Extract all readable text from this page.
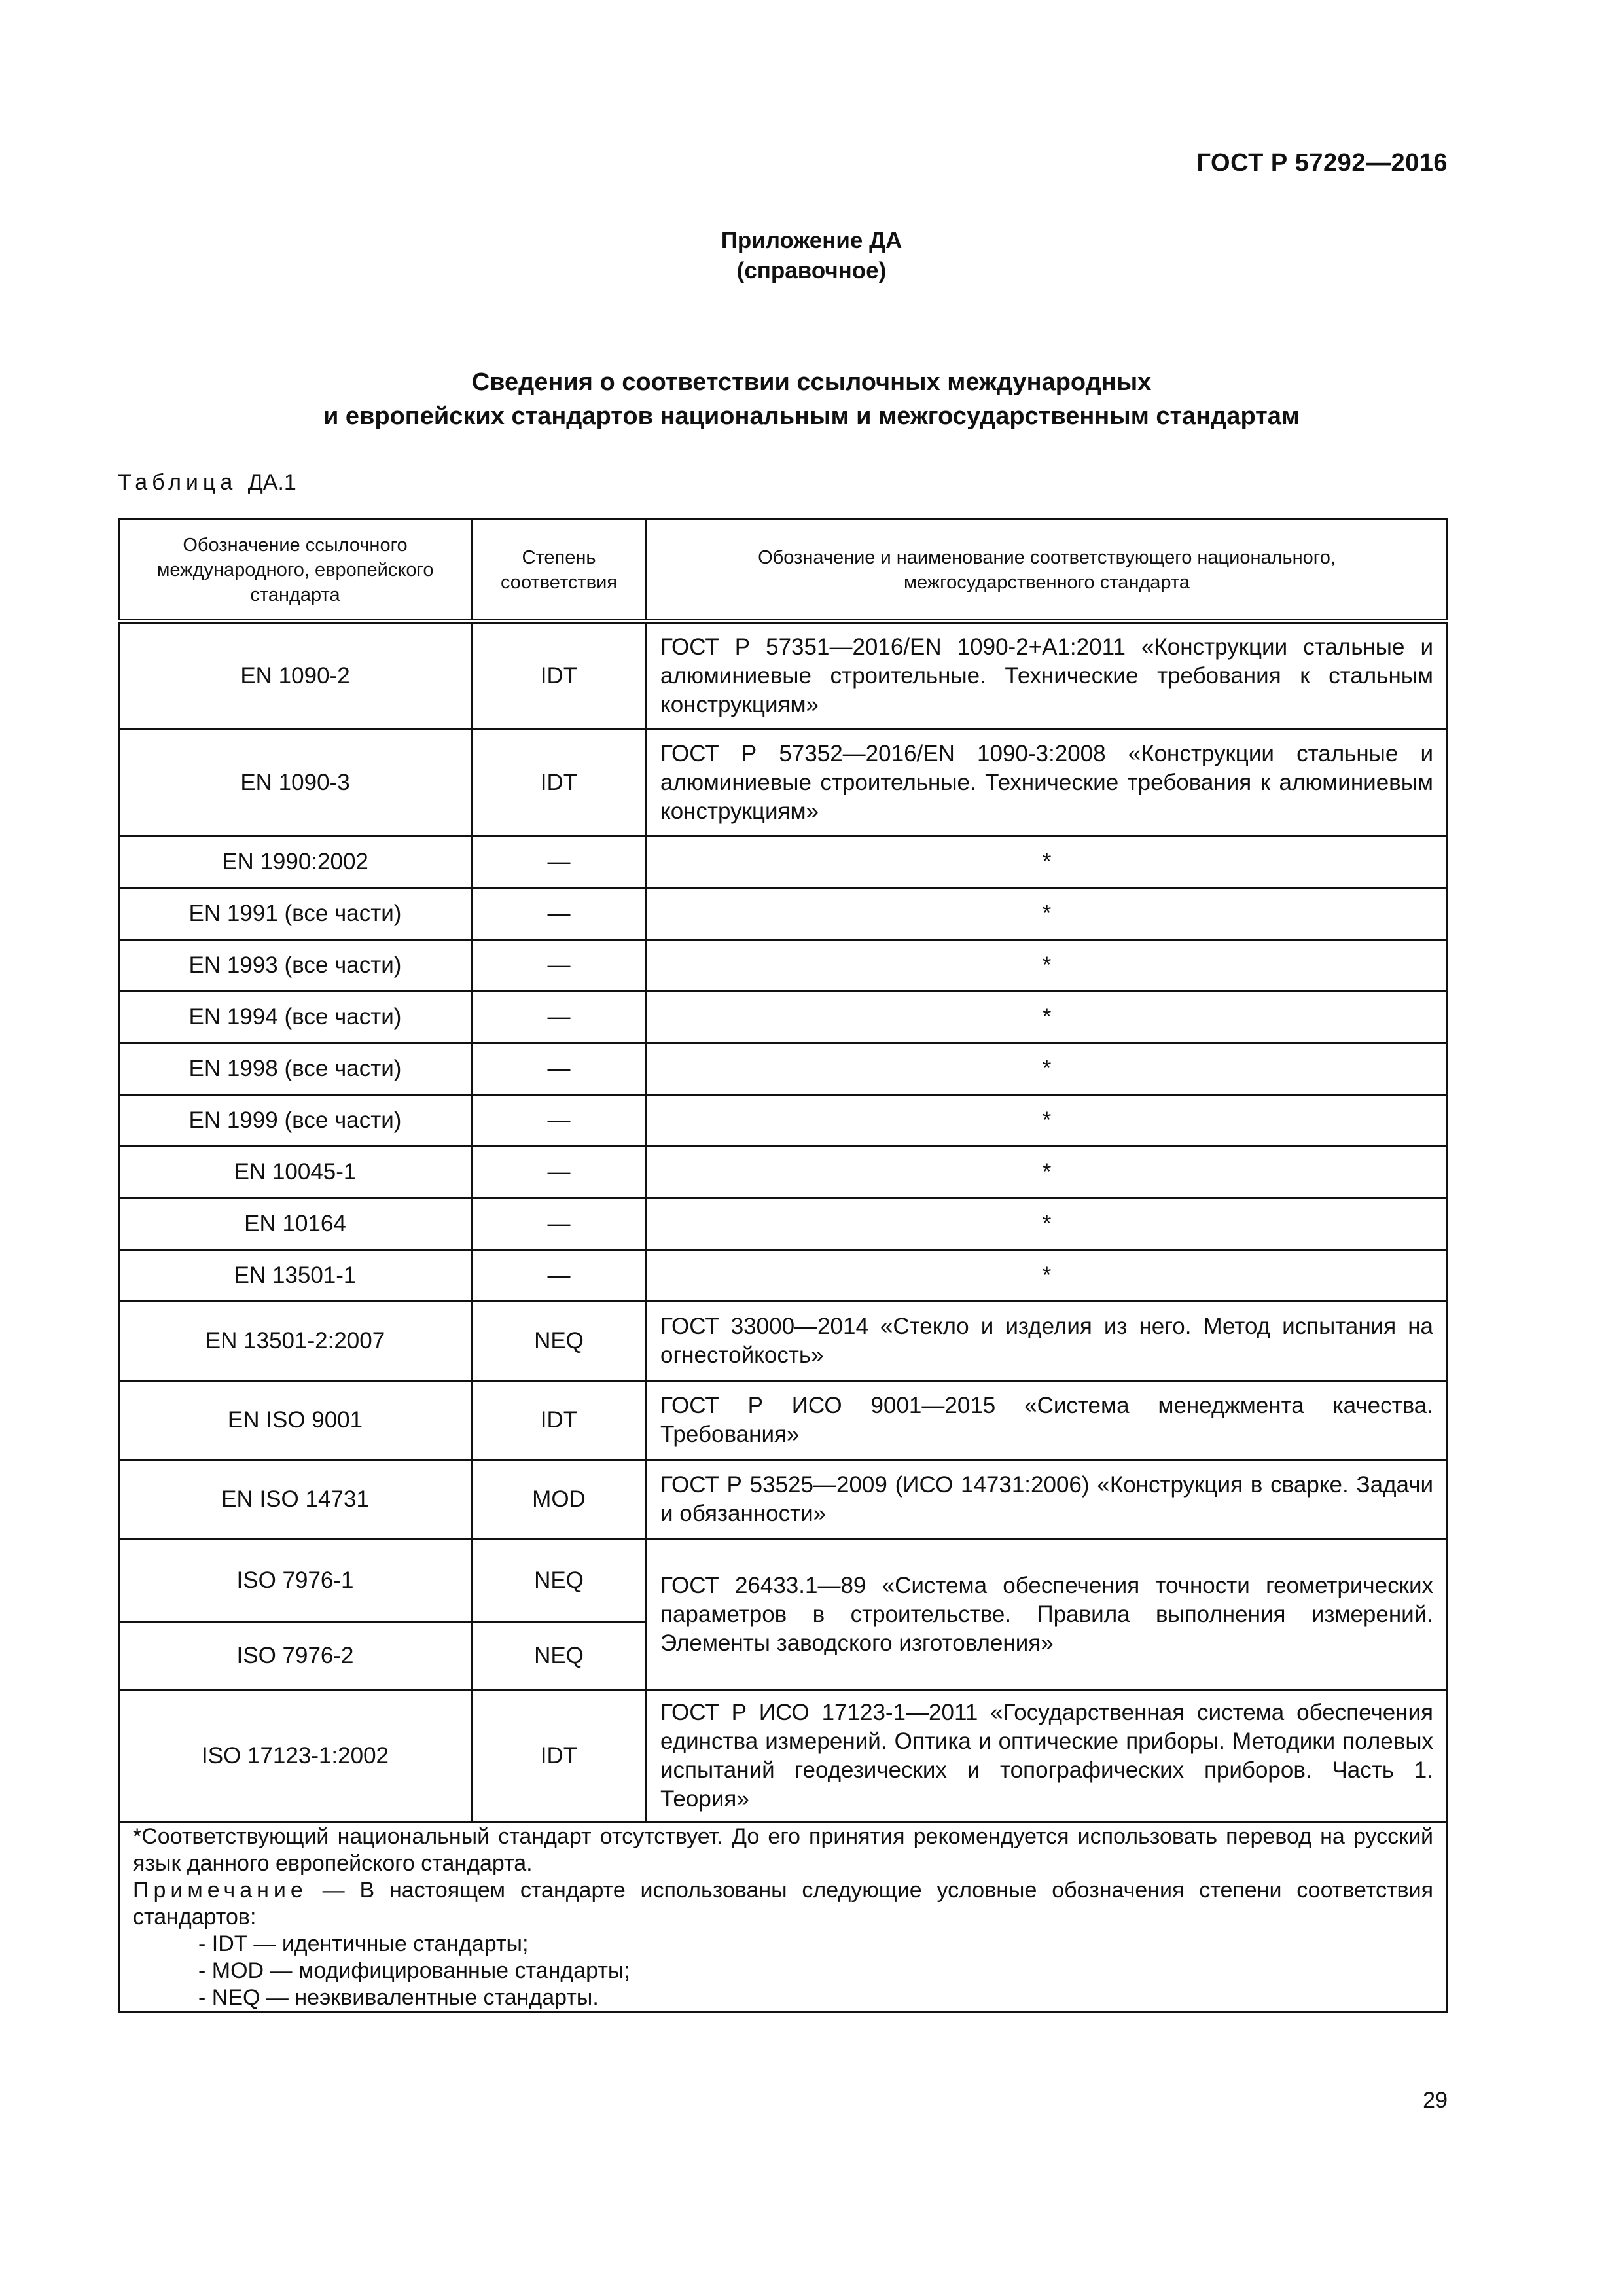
ГОСТ Р 57292—2016
Приложение ДА
(справочное)
Сведения о соответствии ссылочных международных
и европейских стандартов национальным и межгосударственным стандартам
Таблица ДА.1
Обозначение ссылочного международного, европейского стандарта	Степень соответствия	Обозначение и наименование соответствующего национального, межгосударственного стандарта
EN 1090-2	IDT	ГОСТ Р 57351—2016/EN 1090-2+A1:2011 «Конструкции стальные и алюминиевые строительные. Технические требования к стальным конструкциям»
EN 1090-3	IDT	ГОСТ Р 57352—2016/EN 1090-3:2008 «Конструкции стальные и алюминиевые строительные. Технические требования к алюминиевым конструкциям»
EN 1990:2002	—	*
EN 1991 (все части)	—	*
EN 1993 (все части)	—	*
EN 1994 (все части)	—	*
EN 1998 (все части)	—	*
EN 1999 (все части)	—	*
EN 10045-1	—	*
EN 10164	—	*
EN 13501-1	—	*
EN 13501-2:2007	NEQ	ГОСТ 33000—2014 «Стекло и изделия из него. Метод испытания на огнестойкость»
EN ISO 9001	IDT	ГОСТ Р ИСО 9001—2015 «Система менеджмента качества. Требования»
EN ISO 14731	MOD	ГОСТ Р 53525—2009 (ИСО 14731:2006) «Конструкция в сварке. Задачи и обязанности»
ISO 7976-1	NEQ	ГОСТ 26433.1—89 «Система обеспечения точности геометрических параметров в строительстве. Правила выполнения измерений. Элементы заводского изготовления»
ISO 7976-2	NEQ	
ISO 17123-1:2002	IDT	ГОСТ Р ИСО 17123-1—2011 «Государственная система обеспечения единства измерений. Оптика и оптические приборы. Методики полевых испытаний геодезических и топографических приборов. Часть 1. Теория»

*Соответствующий национальный стандарт отсутствует. До его принятия рекомендуется использовать перевод на русский язык данного европейского стандарта.
Примечание — В настоящем стандарте использованы следующие условные обозначения степени соответствия стандартов:
- IDT — идентичные стандарты;
- MOD — модифицированные стандарты;
- NEQ — неэквивалентные стандарты.		
29
